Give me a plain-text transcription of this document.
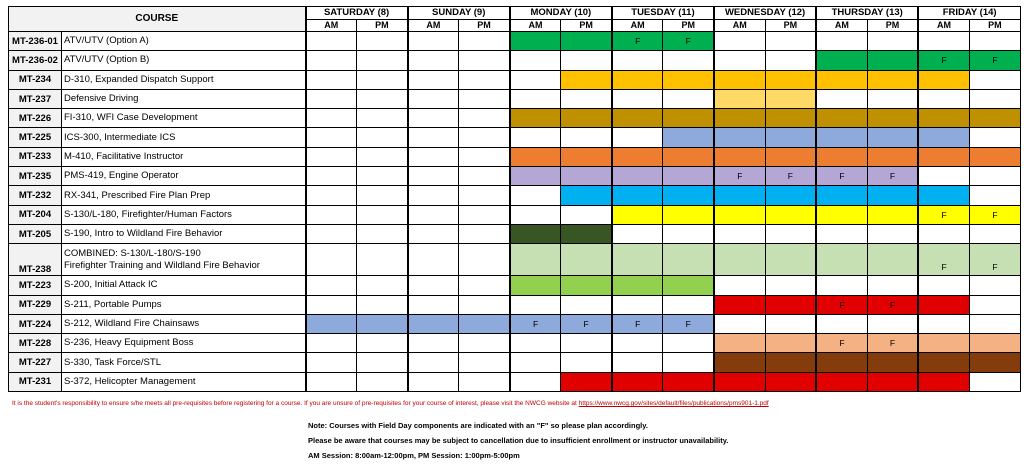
COURSE		SATURDAY (8)		SUNDAY (9)		MONDAY (10)		TUESDAY (11)		WEDNESDAY (12)		THURSDAY (13)		FRIDAY (14)	
		AM	PM	AM	PM	AM	PM	AM	PM	AM	PM	AM	PM	AM	PM
MT-236-01	ATV/UTV (Option A)							F	F						
MT-236-02	ATV/UTV (Option B)													F	F
MT-234	D-310, Expanded Dispatch Support														

MT-237	Defensive Driving														

MT-226	FI-310, WFI Case Development														

MT-225	ICS-300, Intermediate ICS														

MT-233	M-410, Facilitative Instructor														

MT-235	PMS-419, Engine Operator									F	F	F	F		
MT-232	RX-341, Prescribed Fire Plan Prep														

MT-204	S-130/L-180, Firefighter/Human Factors													F	F
MT-205	S-190, Intro to Wildland Fire Behavior														

MT-238	COMBINED: S-130/L-180/S-190
Firefighter Training and Wildland Fire Behavior													F	F
MT-223	S-200, Initial Attack IC														

MT-229	S-211, Portable Pumps											F	F		
MT-224	S-212, Wildland Fire Chainsaws					F	F	F	F						
MT-228	S-236, Heavy Equipment Boss											F	F		
MT-227	S-330, Task Force/STL														

MT-231	S-372, Helicopter Management														

It is the student's responsibility to ensure s/he meets all pre-requisites before registering for a course. If you are unsure of pre-requisites for your course of interest, please visit the NWCG website at https://www.nwcg.gov/sites/default/files/publications/pms901-1.pdf
Note: Courses with Field Day components are indicated with an "F" so please plan accordingly.
Please be aware that courses may be subject to cancellation due to insufficient enrollment or instructor unavailability.
AM Session: 8:00am-12:00pm, PM Session: 1:00pm-5:00pm
